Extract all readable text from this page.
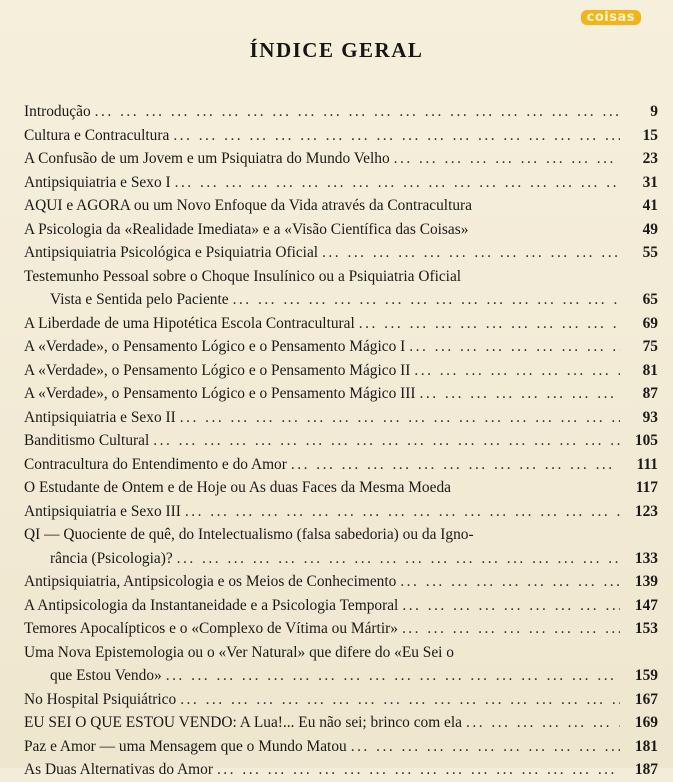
coisas
ÍNDICE GERAL
Introdução ... .	9
Cultura e Contracultura ... .	15
A Confusão de um Jovem e um Psiquiatra do Mundo Velho ... .	23
Antipsiquiatria e Sexo I ... .	31
AQUI e AGORA ou um Novo Enfoque da Vida através da Contracultura	41
A Psicologia da «Realidade Imediata» e a «Visão Científica das Coisas»	49
Antipsiquiatria Psicológica e Psiquiatria Oficial ... .	55
Testemunho Pessoal sobre o Choque Insulínico ou a Psiquiatria Oficial
Vista e Sentida pelo Paciente ... .	65
A Liberdade de uma Hipotética Escola Contracultural ... .	69
A «Verdade», o Pensamento Lógico e o Pensamento Mágico I ... .	75
A «Verdade», o Pensamento Lógico e o Pensamento Mágico II ... .	81
A «Verdade», o Pensamento Lógico e o Pensamento Mágico III ... .	87
Antipsiquiatria e Sexo II ... .	93
Banditismo Cultural ... .	105
Contracultura do Entendimento e do Amor ... .	111
O Estudante de Ontem e de Hoje ou As duas Faces da Mesma Moeda	117
Antipsiquiatria e Sexo III ... .	123
QI — Quociente de quê, do Intelectualismo (falsa sabedoria) ou da Igno-
rância (Psicologia)? ... .	133
Antipsiquiatria, Antipsicologia e os Meios de Conhecimento ... .	139
A Antipsicologia da Instantaneidade e a Psicologia Temporal ... .	147
Temores Apocalípticos e o «Complexo de Vítima ou Mártir» ... .	153
Uma Nova Epistemologia ou o «Ver Natural» que difere do «Eu Sei o
que Estou Vendo» ... .	159
No Hospital Psiquiátrico ... .	167
EU SEI O QUE ESTOU VENDO: A Lua!... Eu não sei; brinco com ela ... .	169
Paz e Amor — uma Mensagem que o Mundo Matou ... .	181
As Duas Alternativas do Amor ... .	187
